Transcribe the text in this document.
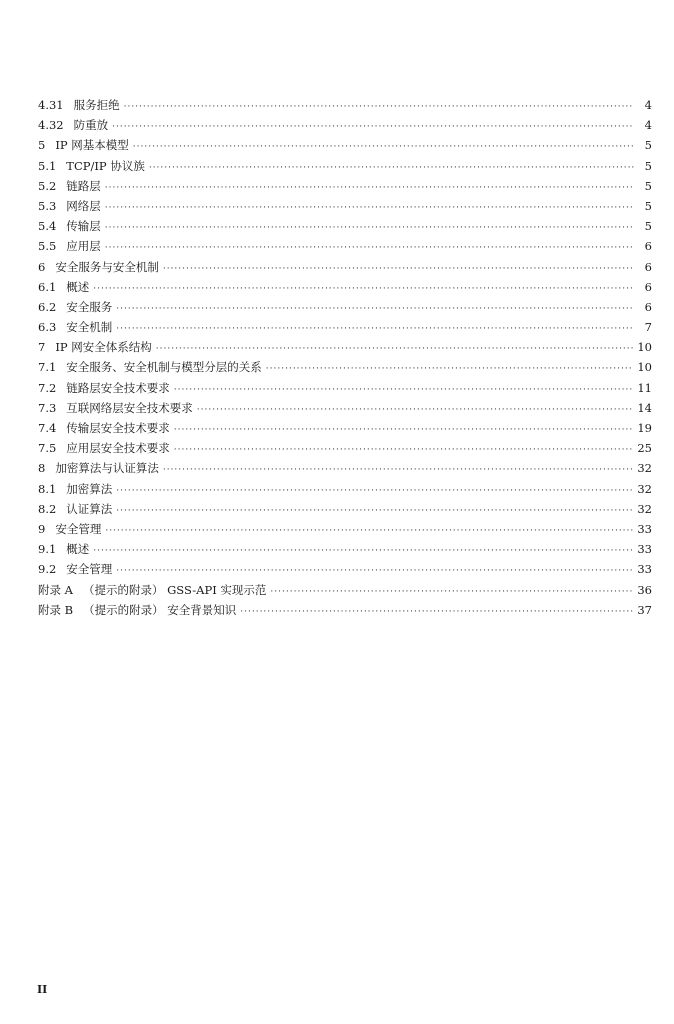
4.31 服务拒绝 ·····	4
4.32 防重放 ·····	4
5 IP 网基本模型 ·····	5
5.1 TCP/IP 协议族 ·····	5
5.2 链路层 ·····	5
5.3 网络层 ·····	5
5.4 传输层 ·····	5
5.5 应用层 ·····	6
6 安全服务与安全机制 ·····	6
6.1 概述 ·····	6
6.2 安全服务 ·····	6
6.3 安全机制 ·····	7
7 IP 网安全体系结构 ·····	10
7.1 安全服务、安全机制与模型分层的关系 ·····	10
7.2 链路层安全技术要求 ·····	11
7.3 互联网络层安全技术要求 ·····	14
7.4 传输层安全技术要求 ·····	19
7.5 应用层安全技术要求 ·····	25
8 加密算法与认证算法 ·····	32
8.1 加密算法 ·····	32
8.2 认证算法 ·····	32
9 安全管理 ·····	33
9.1 概述 ·····	33
9.2 安全管理 ·····	33
附录 A （提示的附录） GSS-API 实现示范 ·····	36
附录 B （提示的附录） 安全背景知识 ·····	37
II
